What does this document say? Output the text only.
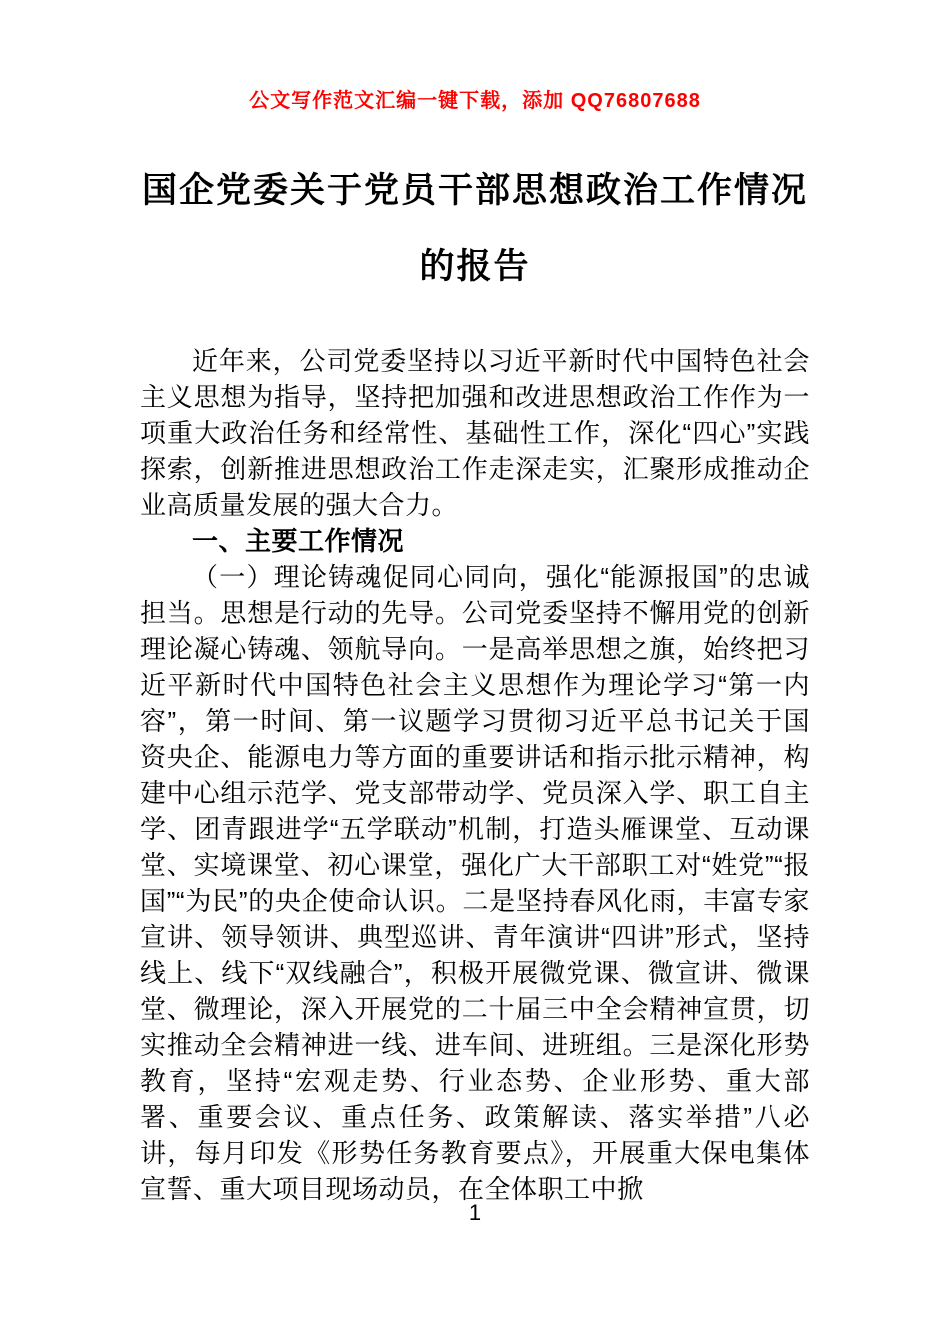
公文写作范文汇编一键下载，添加 QQ76807688
国企党委关于党员干部思想政治工作情况
的报告

近年来，公司党委坚持以习近平新时代中国特色社会主义思想为指导，坚持把加强和改进思想政治工作作为一项重大政治任务和经常性、基础性工作，深化“四心”实践探索，创新推进思想政治工作走深走实，汇聚形成推动企业高质量发展的强大合力。

一、主要工作情况

（一）理论铸魂促同心同向，强化“能源报国”的忠诚担当。思想是行动的先导。公司党委坚持不懈用党的创新理论凝心铸魂、领航导向。一是高举思想之旗，始终把习近平新时代中国特色社会主义思想作为理论学习“第一内容”，第一时间、第一议题学习贯彻习近平总书记关于国资央企、能源电力等方面的重要讲话和指示批示精神，构建中心组示范学、党支部带动学、党员深入学、职工自主学、团青跟进学“五学联动”机制，打造头雁课堂、互动课堂、实境课堂、初心课堂，强化广大干部职工对“姓党”“报国”“为民”的央企使命认识。二是坚持春风化雨，丰富专家宣讲、领导领讲、典型巡讲、青年演讲“四讲”形式，坚持线上、线下“双线融合”，积极开展微党课、微宣讲、微课堂、微理论，深入开展党的二十届三中全会精神宣贯，切实推动全会精神进一线、进车间、进班组。三是深化形势教育，坚持“宏观走势、行业态势、企业形势、重大部署、重要会议、重点任务、政策解读、落实举措”八必讲，每月印发《形势任务教育要点》，开展重大保电集体宣誓、重大项目现场动员，在全体职工中掀

1
